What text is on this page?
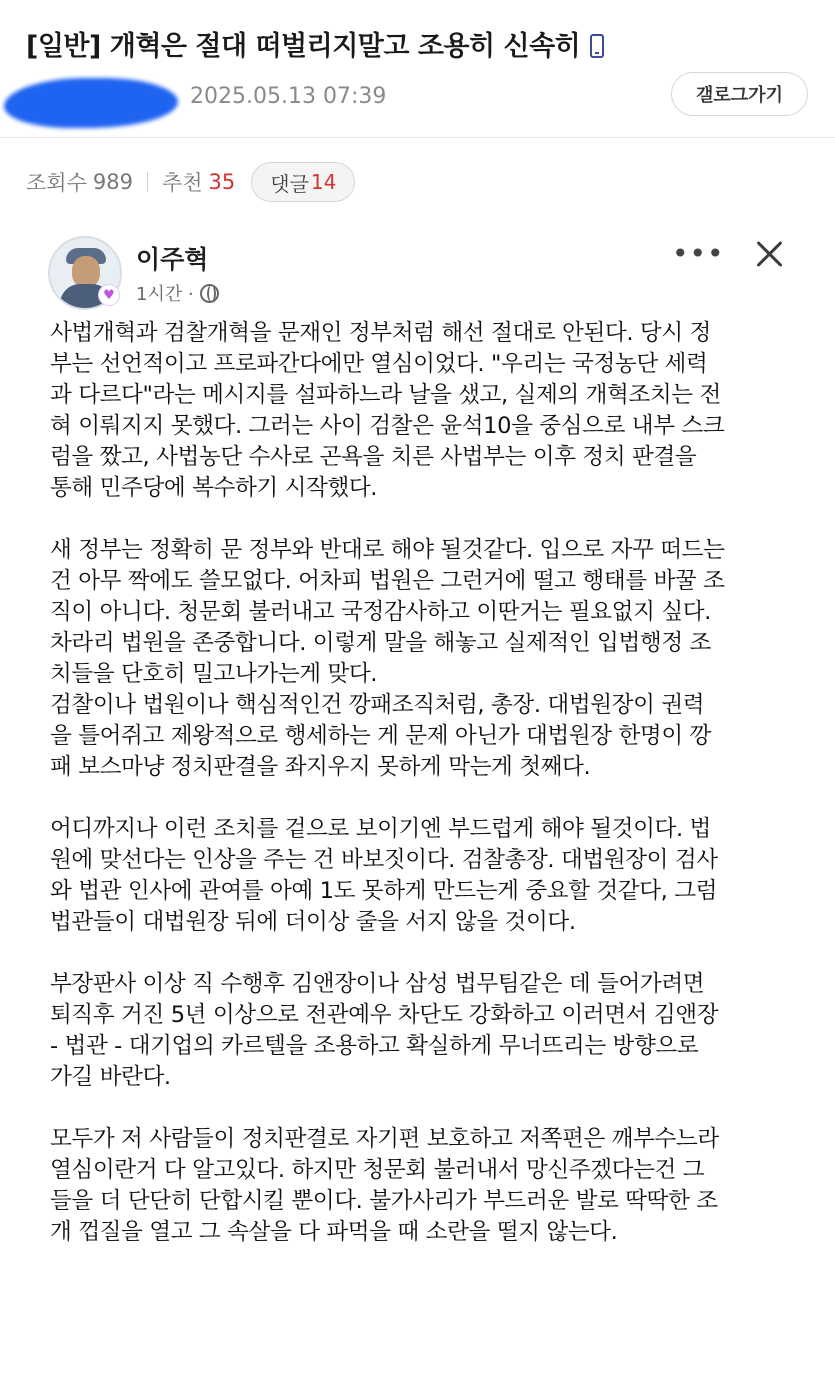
[일반] 개혁은 절대 떠벌리지말고 조용히 신속히
2025.05.13 07:39	갤로그가기
조회수 989 추천 35 댓글 14
♥
이주혁
1시간 ·
•••

사법개혁과 검찰개혁을 문재인 정부처럼 해선 절대로 안된다. 당시 정
부는 선언적이고 프로파간다에만 열심이었다. "우리는 국정농단 세력
과 다르다"라는 메시지를 설파하느라 날을 샜고, 실제의 개혁조치는 전
혀 이뤄지지 못했다. 그러는 사이 검찰은 윤석10을 중심으로 내부 스크
럼을 짰고, 사법농단 수사로 곤욕을 치른 사법부는 이후 정치 판결을
통해 민주당에 복수하기 시작했다.

새 정부는 정확히 문 정부와 반대로 해야 될것같다. 입으로 자꾸 떠드는
건 아무 짝에도 쓸모없다. 어차피 법원은 그런거에 떨고 행태를 바꿀 조
직이 아니다. 청문회 불러내고 국정감사하고 이딴거는 필요없지 싶다.
차라리 법원을 존중합니다. 이렇게 말을 해놓고 실제적인 입법행정 조
치들을 단호히 밀고나가는게 맞다.
검찰이나 법원이나 핵심적인건 깡패조직처럼, 총장. 대법원장이 권력
을 틀어쥐고 제왕적으로 행세하는 게 문제 아닌가 대법원장 한명이 깡
패 보스마냥 정치판결을 좌지우지 못하게 막는게 첫째다.

어디까지나 이런 조치를 겉으로 보이기엔 부드럽게 해야 될것이다. 법
원에 맞선다는 인상을 주는 건 바보짓이다. 검찰총장. 대법원장이 검사
와 법관 인사에 관여를 아예 1도 못하게 만드는게 중요할 것같다, 그럼
법관들이 대법원장 뒤에 더이상 줄을 서지 않을 것이다.

부장판사 이상 직 수행후 김앤장이나 삼성 법무팀같은 데 들어가려면
퇴직후 거진 5년 이상으로 전관예우 차단도 강화하고 이러면서 김앤장
- 법관 - 대기업의 카르텔을 조용하고 확실하게 무너뜨리는 방향으로
가길 바란다.

모두가 저 사람들이 정치판결로 자기편 보호하고 저쪽편은 깨부수느라
열심이란거 다 알고있다. 하지만 청문회 불러내서 망신주겠다는건 그
들을 더 단단히 단합시킬 뿐이다. 불가사리가 부드러운 발로 딱딱한 조
개 껍질을 열고 그 속살을 다 파먹을 때 소란을 떨지 않는다.
